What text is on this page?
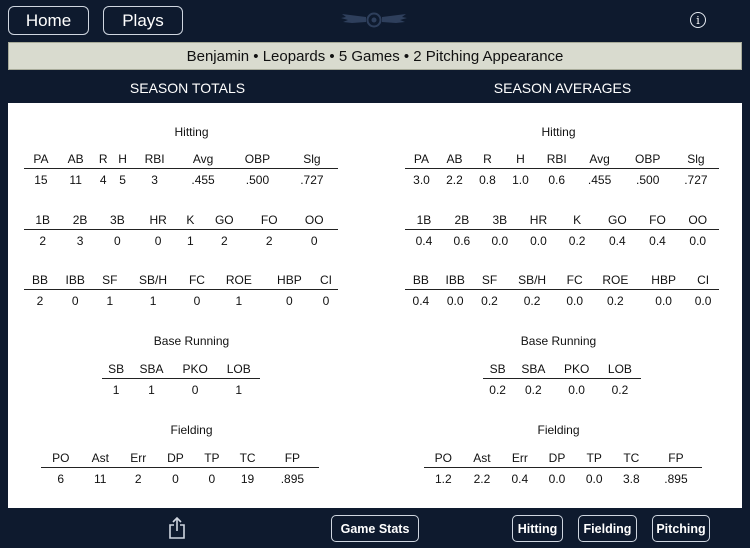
Home	Plays	i
Benjamin • Leopards • 5 Games • 2 Pitching Appearance
SEASON TOTALS	SEASON AVERAGES
Hitting
PA	AB	R	H	RBI	Avg	OBP	Slg
15	11	4	5	3	.455	.500	.727
1B	2B	3B	HR	K	GO	FO	OO
2	3	0	0	1	2	2	0
BB	IBB	SF	SB/H	FC	ROE	HBP	CI
2	0	1	1	0	1	0	0
Base Running
SB	SBA	PKO	LOB
1	1	0	1
Fielding
PO	Ast	Err	DP	TP	TC	FP
6	11	2	0	0	19	.895
Hitting
PA	AB	R	H	RBI	Avg	OBP	Slg
3.0	2.2	0.8	1.0	0.6	.455	.500	.727
1B	2B	3B	HR	K	GO	FO	OO
0.4	0.6	0.0	0.0	0.2	0.4	0.4	0.0
BB	IBB	SF	SB/H	FC	ROE	HBP	CI
0.4	0.0	0.2	0.2	0.0	0.2	0.0	0.0
Base Running
SB	SBA	PKO	LOB
0.2	0.2	0.0	0.2
Fielding
PO	Ast	Err	DP	TP	TC	FP
1.2	2.2	0.4	0.0	0.0	3.8	.895
Game Stats	Hitting	Fielding	Pitching
